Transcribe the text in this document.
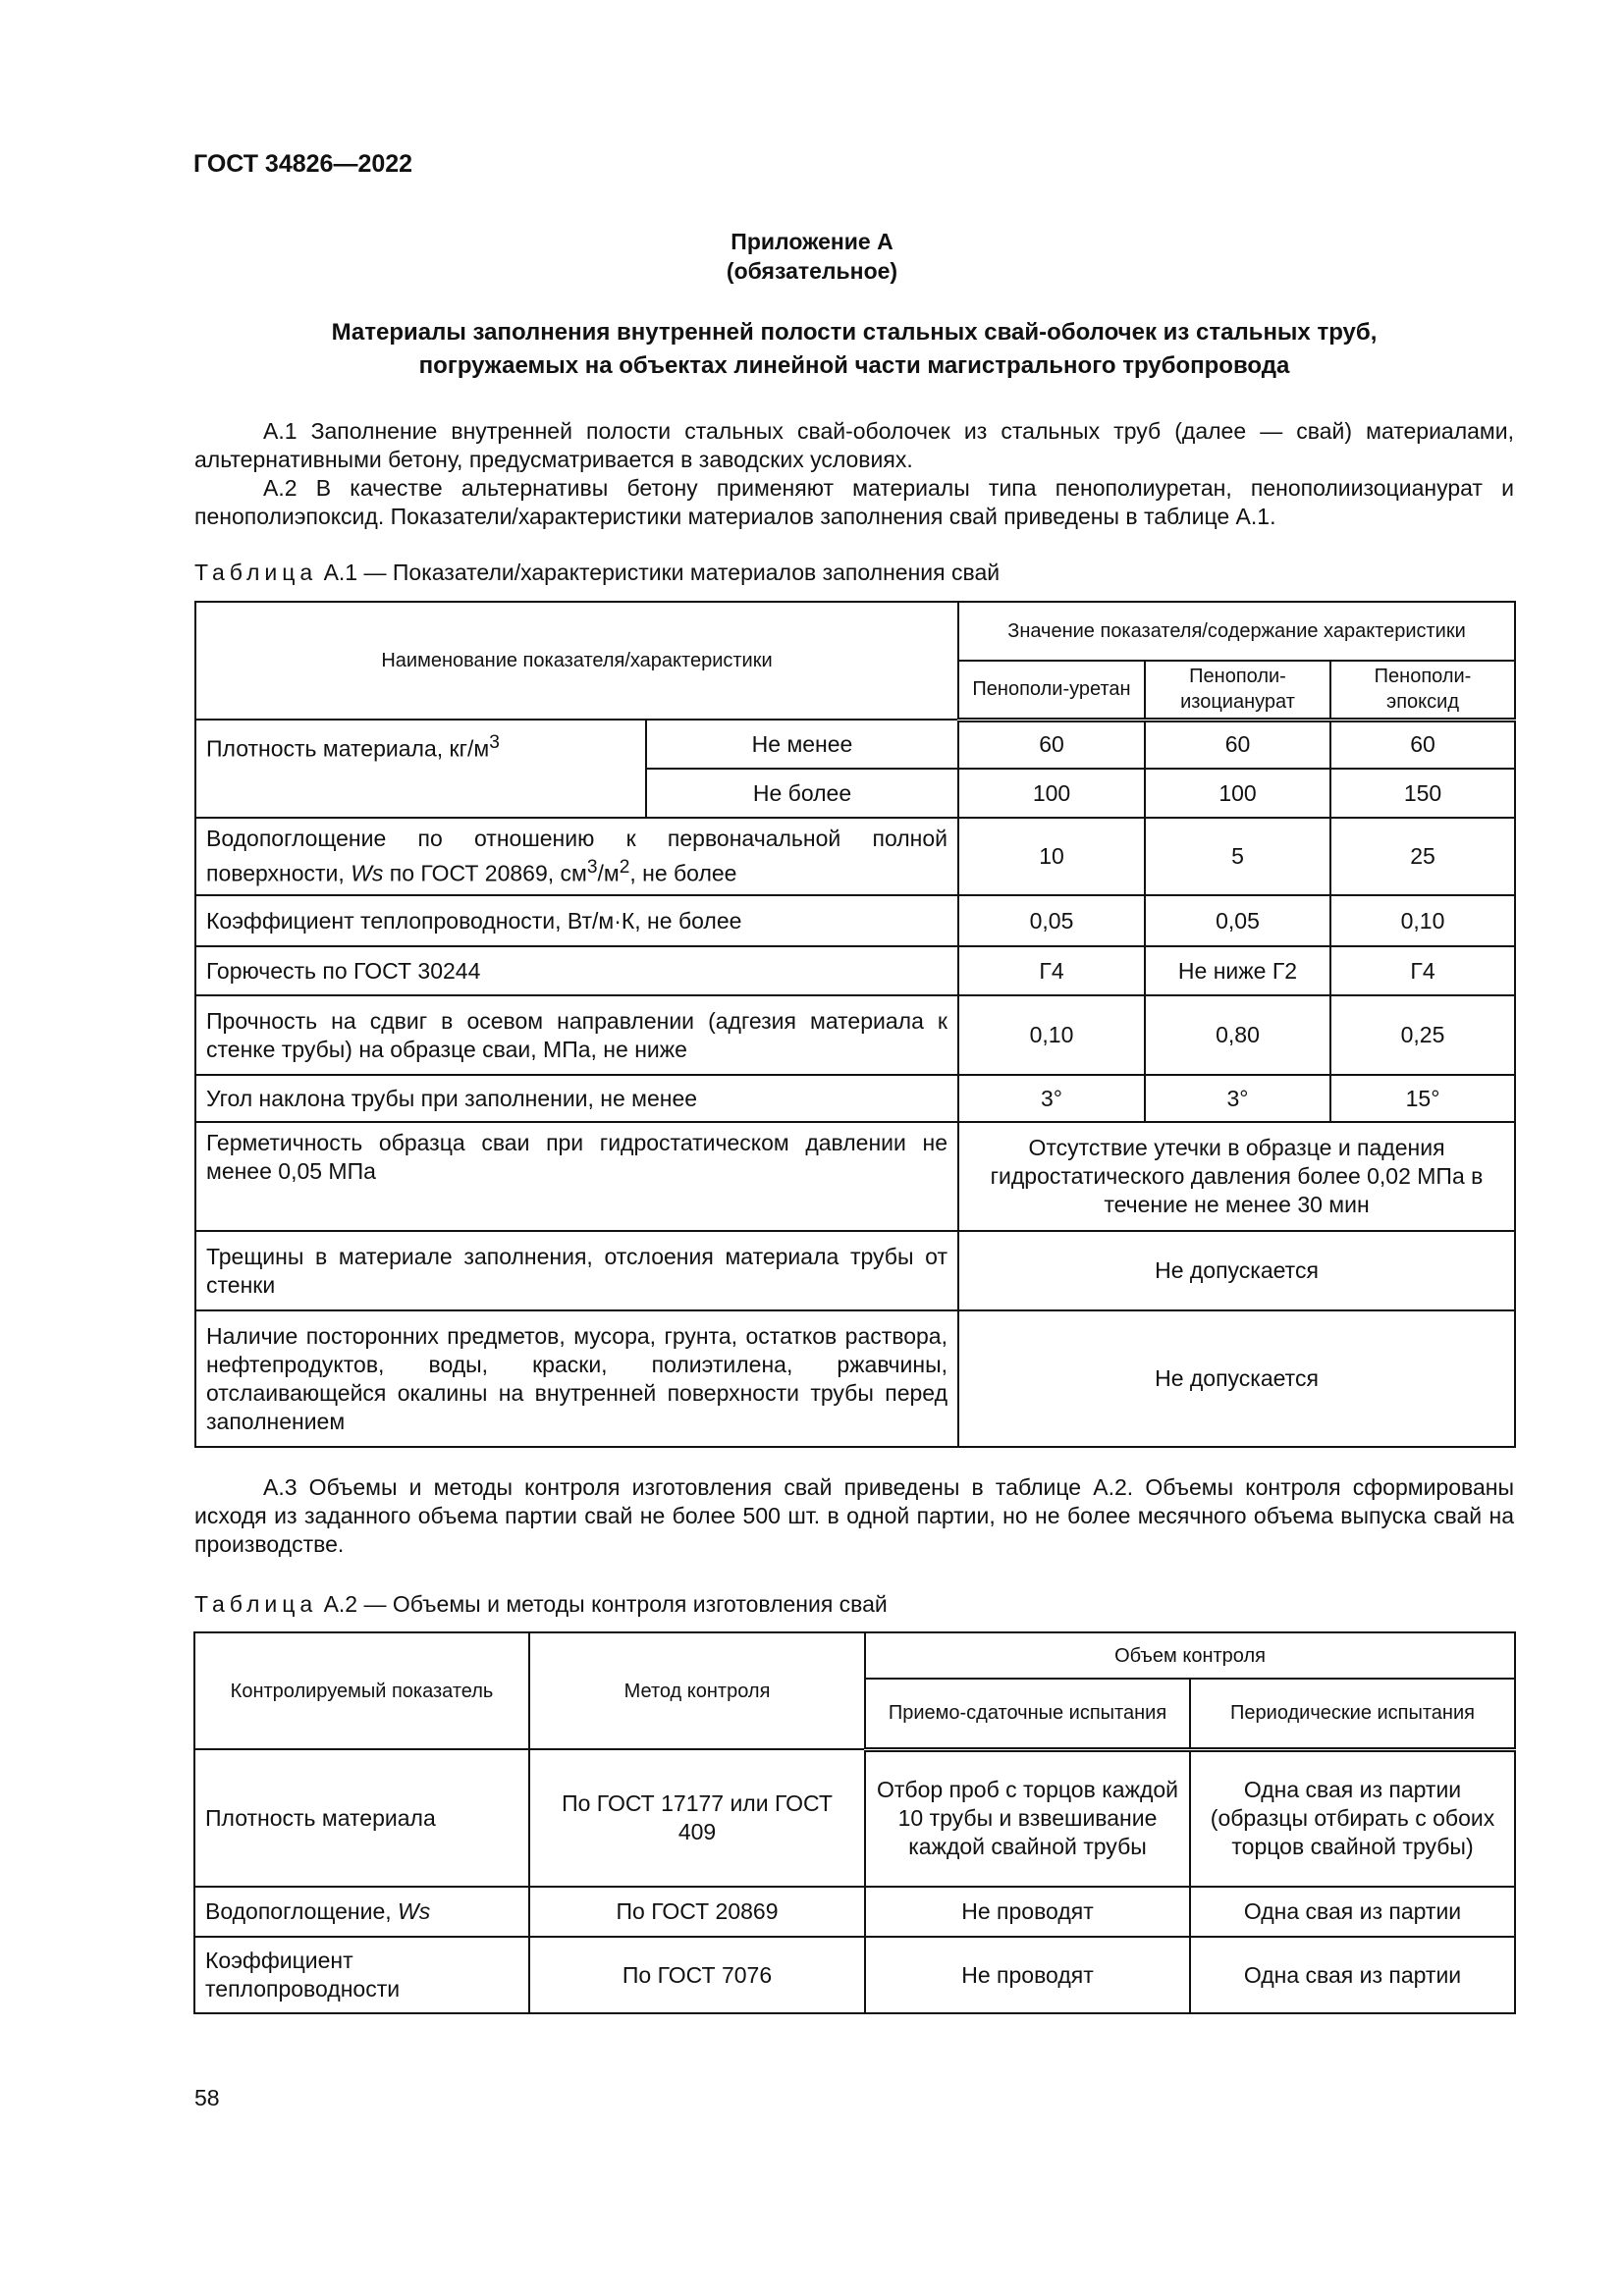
ГОСТ 34826—2022
Приложение А
(обязательное)
Материалы заполнения внутренней полости стальных свай-оболочек из стальных труб,
погружаемых на объектах линейной части магистрального трубопровода

А.1 Заполнение внутренней полости стальных свай-оболочек из стальных труб (далее — свай) материалами, альтернативными бетону, предусматривается в заводских условиях.

А.2 В качестве альтернативы бетону применяют материалы типа пенополиуретан, пенополиизоцианурат и пенополиэпоксид. Показатели/характеристики материалов заполнения свай приведены в таблице А.1.

Таблица А.1 — Показатели/характеристики материалов заполнения свай
Наименование показателя/характеристики		Значение показателя/содержание характеристики		
		Пенополи-уретан	Пенополи-изоцианурат	Пенополи-эпоксид
Плотность материала, $кг/м^3$	Не менее	60	60	60
	Не более	100	100	150
Водопоглощение по отношению к первоначальной полной поверхности, Ws по ГОСТ 20869, $см^3/м^2$, не более		10	5	25
Коэффициент теплопроводности, Вт/м·К, не более		0,05	0,05	0,10
Горючесть по ГОСТ 30244		Г4	Не ниже Г2	Г4
Прочность на сдвиг в осевом направлении (адгезия материала к стенке трубы) на образце сваи, МПа, не ниже		0,10	0,80	0,25
Угол наклона трубы при заполнении, не менее		3°	3°	15°
Герметичность образца сваи при гидростатическом давлении не менее 0,05 МПа		Отсутствие утечки в образце и падения гидростатического давления более 0,02 МПа в течение не менее 30 мин		
Трещины в материале заполнения, отслоения материала трубы от стенки		Не допускается		
Наличие посторонних предметов, мусора, грунта, остатков раствора, нефтепродуктов, воды, краски, полиэтилена, ржавчины, отслаивающейся окалины на внутренней поверхности трубы перед заполнением		Не допускается		

А.3 Объемы и методы контроля изготовления свай приведены в таблице А.2. Объемы контроля сформированы исходя из заданного объема партии свай не более 500 шт. в одной партии, но не более месячного объема выпуска свай на производстве.

Таблица А.2 — Объемы и методы контроля изготовления свай
Контролируемый показатель	Метод контроля	Объем контроля	
		Приемо-сдаточные испытания	Периодические испытания
Плотность материала	По ГОСТ 17177 или ГОСТ 409	Отбор проб с торцов каждой 10 трубы и взвешивание каждой свайной трубы	Одна свая из партии (образцы отбирать с обоих торцов свайной трубы)
Водопоглощение, Ws	По ГОСТ 20869	Не проводят	Одна свая из партии
Коэффициент теплопроводности	По ГОСТ 7076	Не проводят	Одна свая из партии
58
